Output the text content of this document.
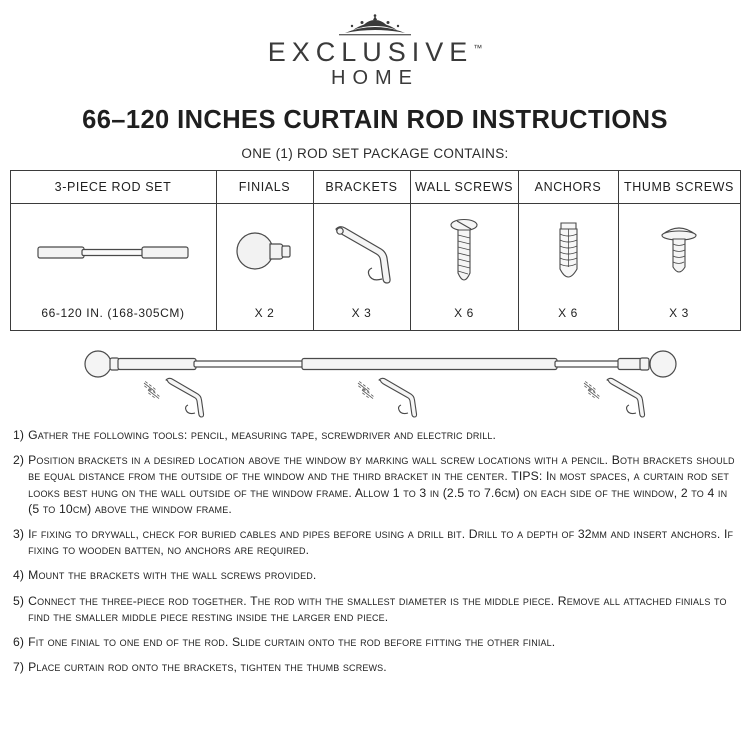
EXCLUSIVE™
HOME
66–120 INCHES CURTAIN ROD INSTRUCTIONS
ONE (1) ROD SET PACKAGE CONTAINS:
3-PIECE ROD SET	FINIALS	BRACKETS	WALL SCREWS	ANCHORS	THUMB SCREWS

66-120 IN. (168-305CM)	X 2	X 3	X 6	X 6	X 3
1) Gather the following tools: pencil, measuring tape, screwdriver and electric drill.
2) Position brackets in a desired location above the window by marking wall screw locations with a pencil. Both brackets should be equal distance from the outside of the window and the third bracket in the center. TIPS: In most spaces, a curtain rod set looks best hung on the wall outside of the window frame. Allow 1 to 3 in (2.5 to 7.6cm) on each side of the window, 2 to 4 in (5 to 10cm) above the window frame.
3) If fixing to drywall, check for buried cables and pipes before using a drill bit. Drill to a depth of 32mm and insert anchors. If fixing to wooden batten, no anchors are required.
4) Mount the brackets with the wall screws provided.
5) Connect the three-piece rod together. The rod with the smallest diameter is the middle piece. Remove all attached finials to find the smaller middle piece resting inside the larger end piece.
6) Fit one finial to one end of the rod. Slide curtain onto the rod before fitting the other finial.
7) Place curtain rod onto the brackets, tighten the thumb screws.
